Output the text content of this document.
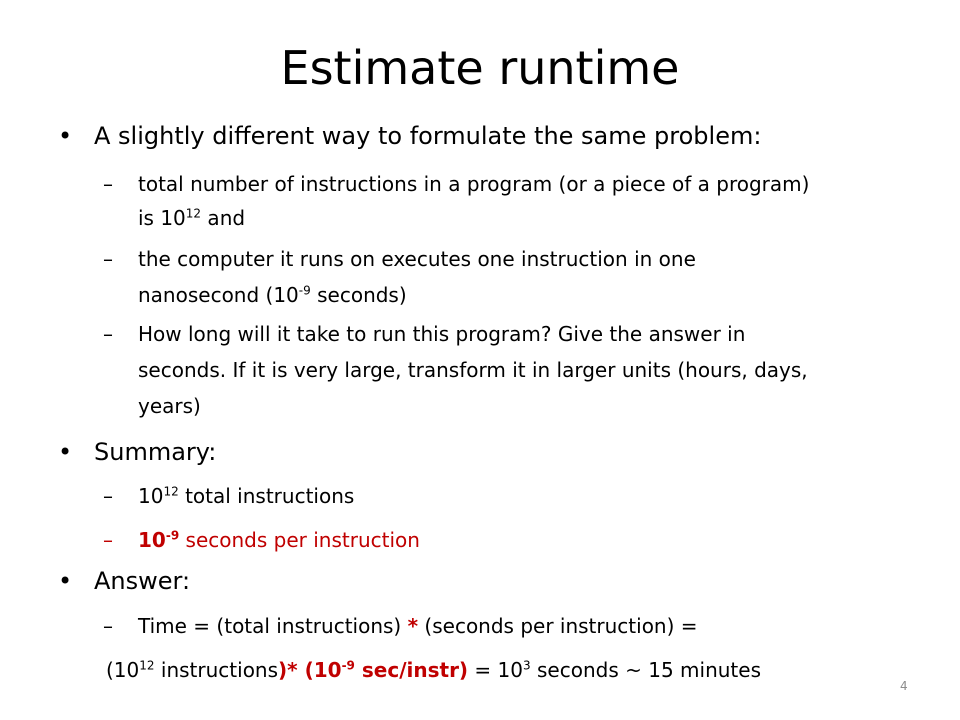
Estimate runtime
• A slightly different way to formulate the same problem:
– total number of instructions in a program (or a piece of a program)
is $10^{12}$ and
– the computer it runs on executes one instruction in one
nanosecond ($10^{-9}$ seconds)
– How long will it take to run this program? Give the answer in
seconds. If it is very large, transform it in larger units (hours, days,
years)
• Summary:
– $10^{12}$ total instructions
– $10^{-9}$ seconds per instruction
• Answer:
– Time = (total instructions) * (seconds per instruction) =
($10^{12}$ instructions)* ($10^{-9}$ sec/instr) = $10^3$ seconds ~ 15 minutes
4
